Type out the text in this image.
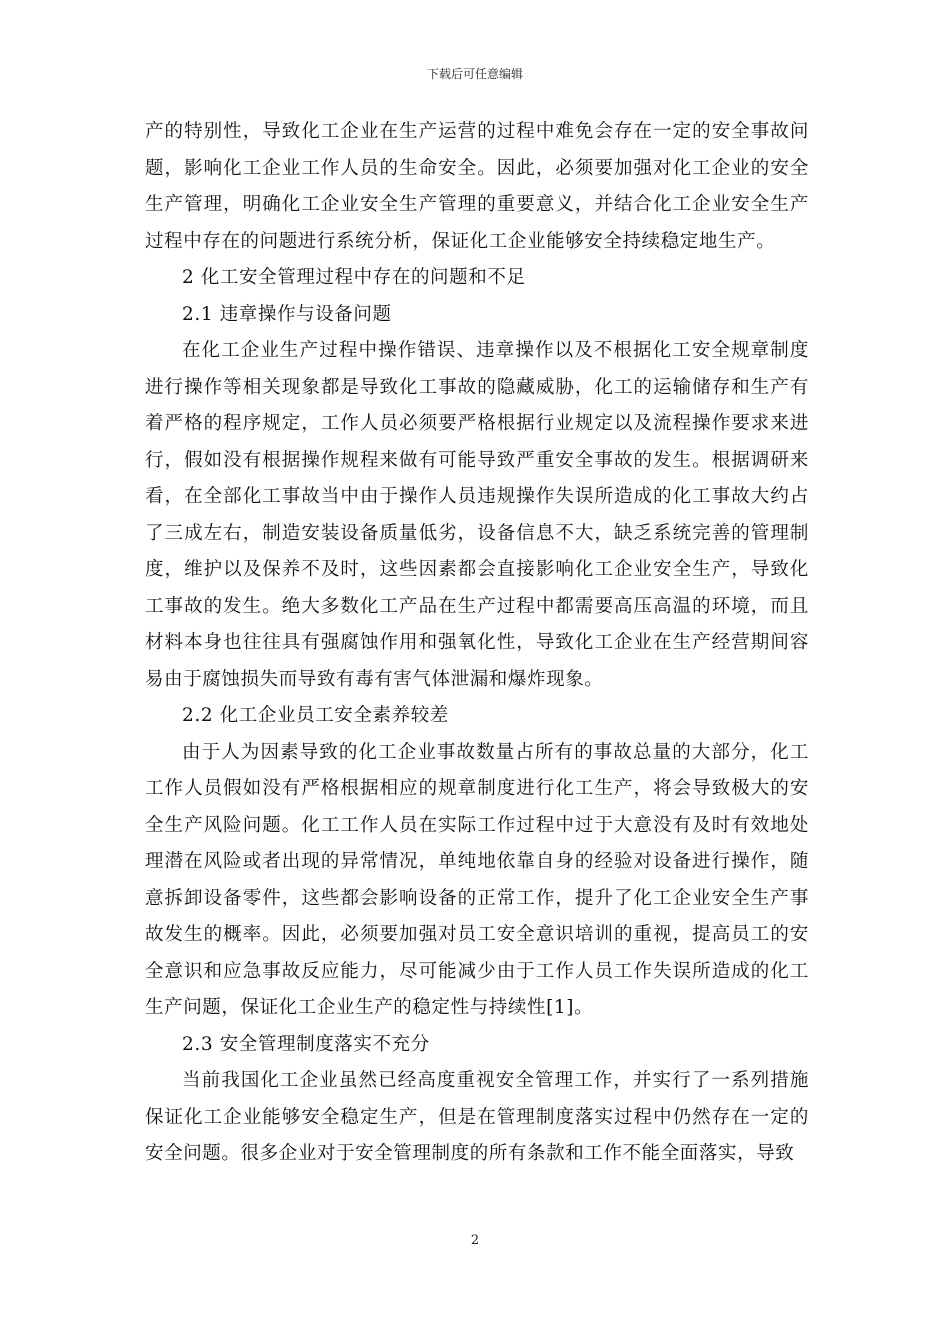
下载后可任意编辑

产的特别性，导致化工企业在生产运营的过程中难免会存在一定的安全事故问题，影响化工企业工作人员的生命安全。因此，必须要加强对化工企业的安全生产管理，明确化工企业安全生产管理的重要意义，并结合化工企业安全生产过程中存在的问题进行系统分析，保证化工企业能够安全持续稳定地生产。

2 化工安全管理过程中存在的问题和不足

2.1 违章操作与设备问题

在化工企业生产过程中操作错误、违章操作以及不根据化工安全规章制度进行操作等相关现象都是导致化工事故的隐藏威胁，化工的运输储存和生产有着严格的程序规定，工作人员必须要严格根据行业规定以及流程操作要求来进行，假如没有根据操作规程来做有可能导致严重安全事故的发生。根据调研来看，在全部化工事故当中由于操作人员违规操作失误所造成的化工事故大约占了三成左右，制造安装设备质量低劣，设备信息不大，缺乏系统完善的管理制度，维护以及保养不及时，这些因素都会直接影响化工企业安全生产，导致化工事故的发生。绝大多数化工产品在生产过程中都需要高压高温的环境，而且材料本身也往往具有强腐蚀作用和强氧化性，导致化工企业在生产经营期间容易由于腐蚀损失而导致有毒有害气体泄漏和爆炸现象。

2.2 化工企业员工安全素养较差

由于人为因素导致的化工企业事故数量占所有的事故总量的大部分，化工工作人员假如没有严格根据相应的规章制度进行化工生产，将会导致极大的安全生产风险问题。化工工作人员在实际工作过程中过于大意没有及时有效地处理潜在风险或者出现的异常情况，单纯地依靠自身的经验对设备进行操作，随意拆卸设备零件，这些都会影响设备的正常工作，提升了化工企业安全生产事故发生的概率。因此，必须要加强对员工安全意识培训的重视，提高员工的安全意识和应急事故反应能力，尽可能减少由于工作人员工作失误所造成的化工生产问题，保证化工企业生产的稳定性与持续性[1]。

2.3 安全管理制度落实不充分

当前我国化工企业虽然已经高度重视安全管理工作，并实行了一系列措施保证化工企业能够安全稳定生产，但是在管理制度落实过程中仍然存在一定的安全问题。很多企业对于安全管理制度的所有条款和工作不能全面落实，导致

2
